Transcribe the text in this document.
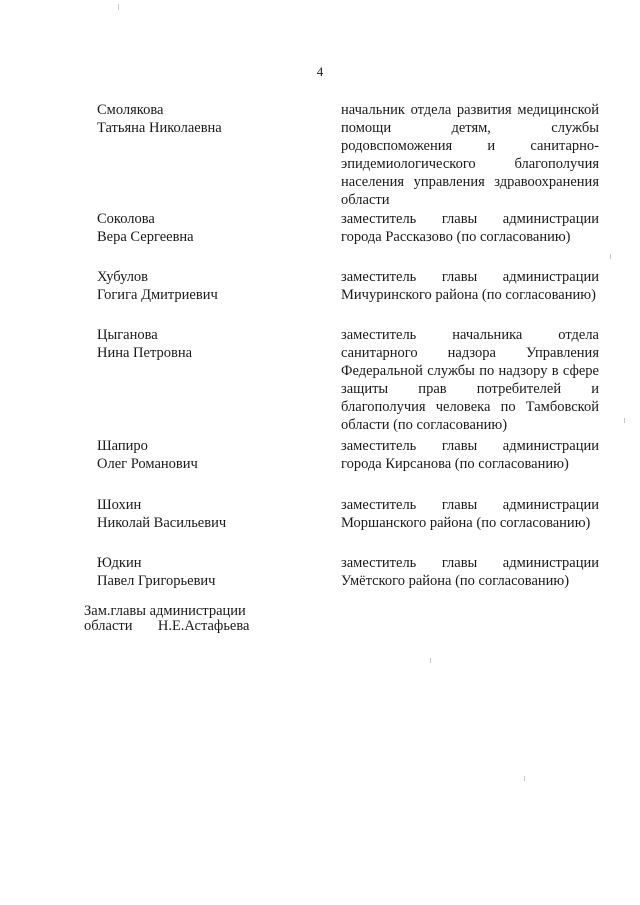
4
Смолякова
Татьяна Николаевна
начальник отдела развития медицинской помощи детям, службы родовспоможения и санитарно-эпидемиологического благополучия населения управления здравоохранения области
Соколова
Вера Сергеевна
заместитель главы администрации города Рассказово (по согласованию)
Хубулов
Гогига Дмитриевич
заместитель главы администрации Мичуринского района (по согласованию)
Цыганова
Нина Петровна
заместитель начальника отдела санитарного надзора Управления Федеральной службы по надзору в сфере защиты прав потребителей и благополучия человека по Тамбовской области (по согласованию)
Шапиро
Олег Романович
заместитель главы администрации города Кирсанова (по согласованию)
Шохин
Николай Васильевич
заместитель главы администрации Моршанского района (по согласованию)
Юдкин
Павел Григорьевич
заместитель главы администрации Умётского района (по согласованию)
Зам.главы администрации
области       Н.Е.Астафьева
